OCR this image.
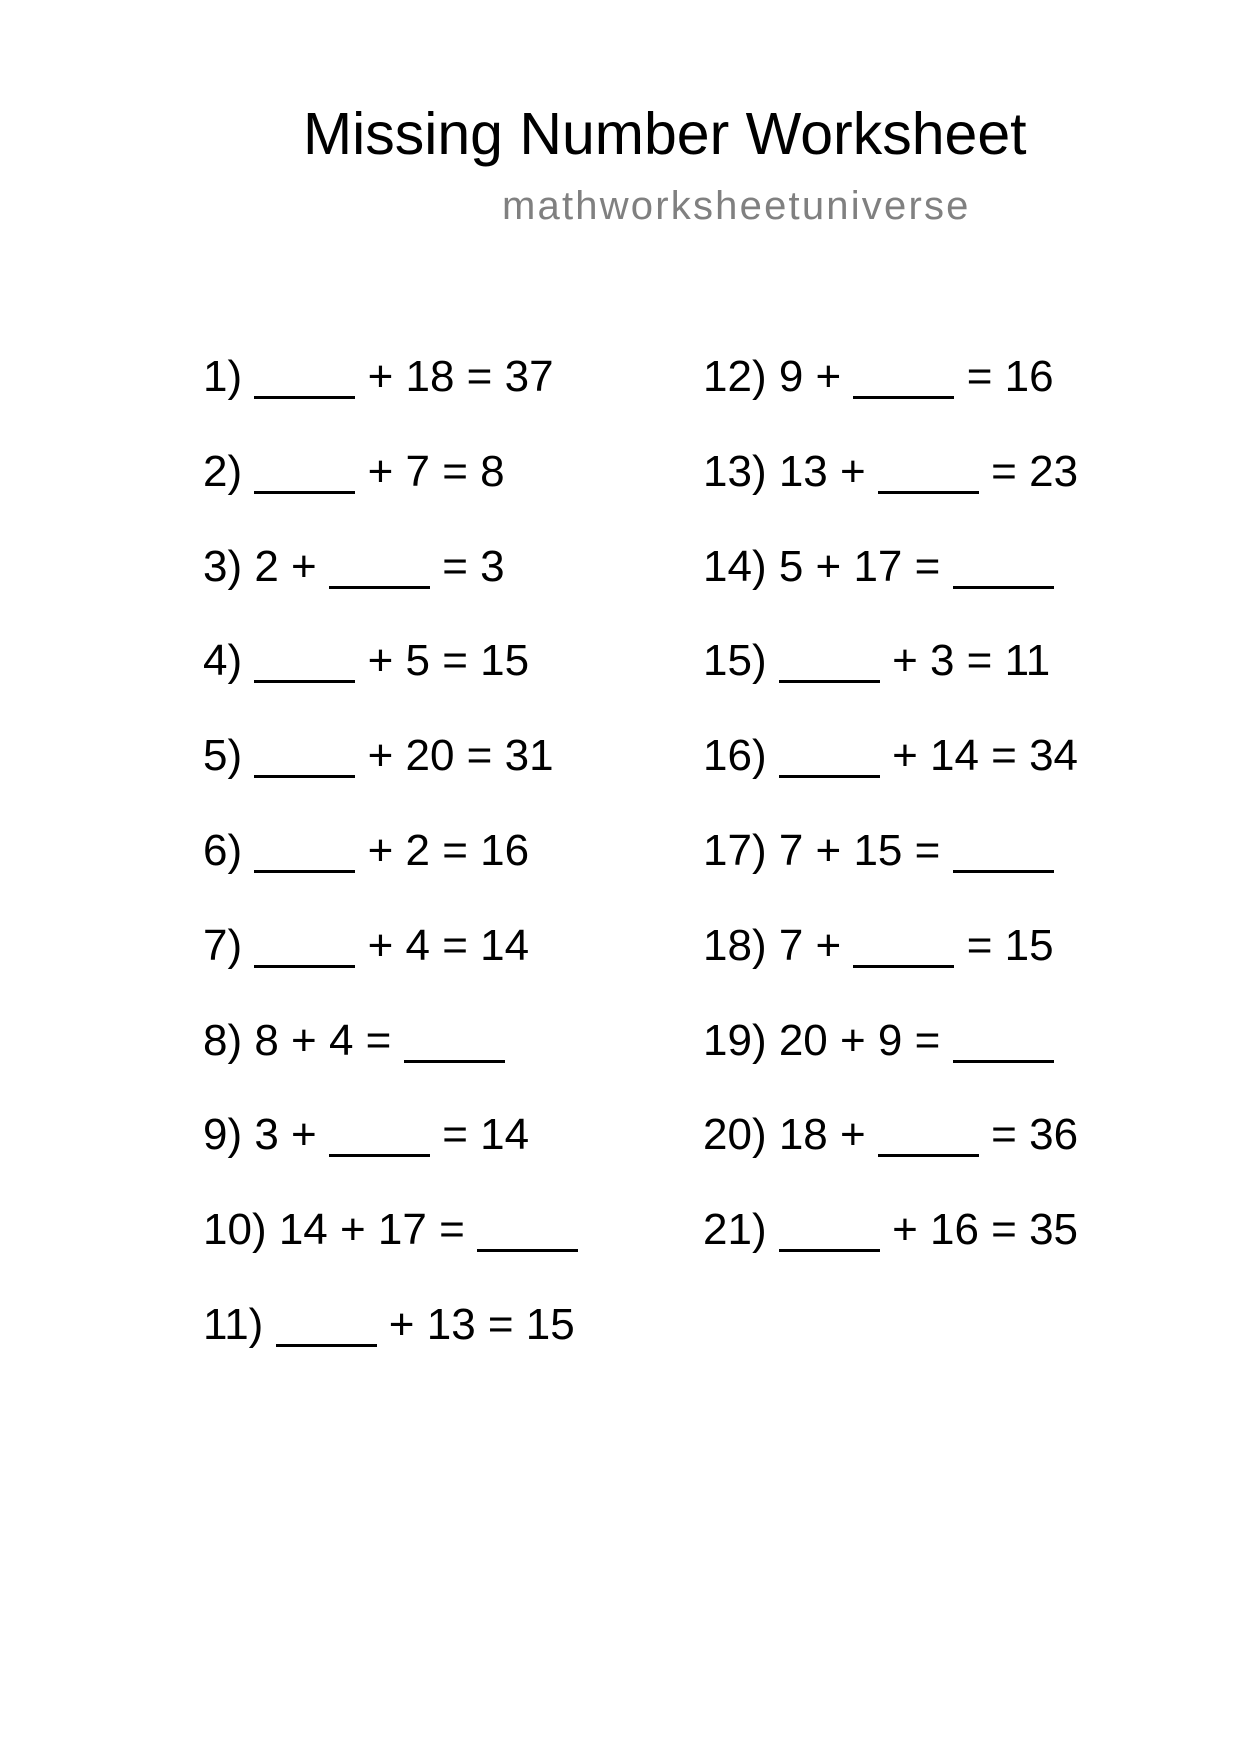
Missing Number Worksheet
mathworksheetuniverse
1)	+ 18 = 37
2)	+ 7 = 8
3) 2 +	= 3
4)	+ 5 = 15
5)	+ 20 = 31
6)	+ 2 = 16
7)	+ 4 = 14
8) 8 + 4 =
9) 3 +	= 14
10) 14 + 17 =
11)	+ 13 = 15
12) 9 +	= 16
13) 13 +	= 23
14) 5 + 17 =
15)	+ 3 = 11
16)	+ 14 = 34
17) 7 + 15 =
18) 7 +	= 15
19) 20 + 9 =
20) 18 +	= 36
21)	+ 16 = 35
